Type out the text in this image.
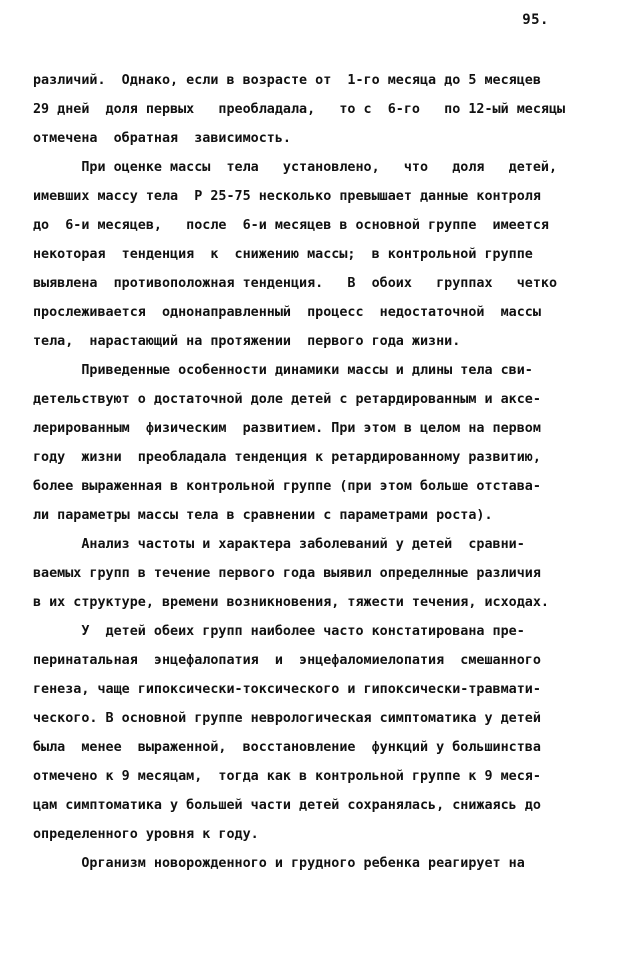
95.
различий.  Однако, если в возрасте от  1-го месяца до 5 месяцев
29 дней  доля первых   преобладала,   то с  6-го   по 12-ый месяцы
отмечена  обратная  зависимость.
При оценке массы  тела   установлено,   что   доля   детей,
имевших массу тела  Р 25-75 несколько превышает данные контроля
до  6-и месяцев,   после  6-и месяцев в основной группе  имеется
некоторая  тенденция  к  снижению массы;  в контрольной группе
выявлена  противоположная тенденция.   В  обоих   группах   четко
прослеживается  однонаправленный  процесс  недостаточной  массы
тела,  нарастающий на протяжении  первого года жизни.
Приведенные особенности динамики массы и длины тела сви-
детельствуют о достаточной доле детей с ретардированным и аксе-
лерированным  физическим  развитием. При этом в целом на первом
году  жизни  преобладала тенденция к ретардированному развитию,
более выраженная в контрольной группе (при этом больше отстава-
ли параметры массы тела в сравнении с параметрами роста).
Анализ частоты и характера заболеваний у детей  сравни-
ваемых групп в течение первого года выявил определнные различия
в их структуре, времени возникновения, тяжести течения, исходах.
У  детей обеих групп наиболее часто констатирована пре-
перинатальная  энцефалопатия  и  энцефаломиелопатия  смешанного
генеза, чаще гипоксически-токсического и гипоксически-травмати-
ческого. В основной группе неврологическая симптоматика у детей
была  менее  выраженной,  восстановление  функций у большинства
отмечено к 9 месяцам,  тогда как в контрольной группе к 9 меся-
цам симптоматика у большей части детей сохранялась, снижаясь до
определенного уровня к году.
Организм новорожденного и грудного ребенка реагирует на
